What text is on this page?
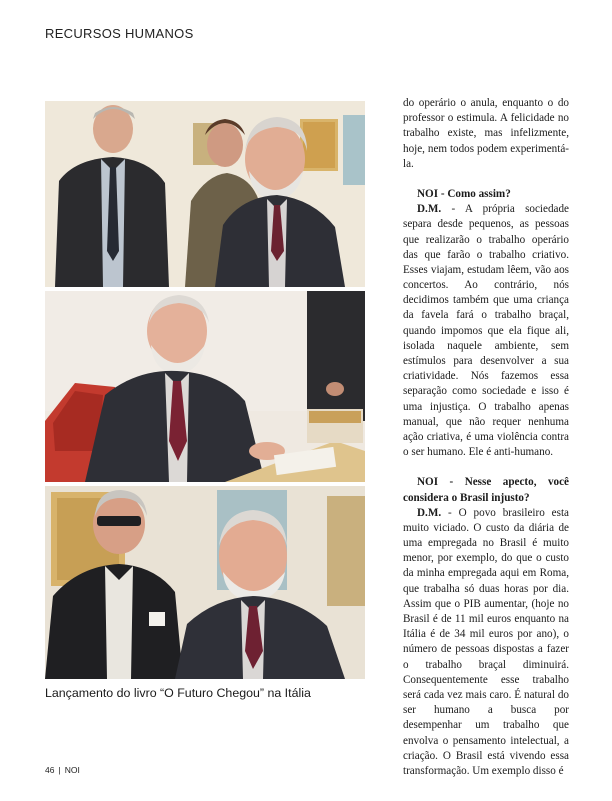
RECURSOS HUMANOS
Lançamento do livro “O Futuro Chegou” na Itália

do operário o anula, enquanto o do professor o estimula. A felicidade no trabalho existe, mas infelizmente, hoje, nem todos podem experimentá-la.

NOI - Como assim?

D.M. - A própria sociedade separa desde pequenos, as pessoas que realizarão o trabalho operário das que farão o trabalho criativo. Esses viajam, estudam lêem, vão aos concertos. Ao contrário, nós decidimos também que uma criança da favela fará o trabalho braçal, quando impomos que ela fique ali, isolada naquele ambiente, sem estímulos para desenvolver a sua criatividade. Nós fazemos essa separação como sociedade e isso é uma injustiça. O trabalho apenas manual, que não requer nenhuma ação criativa, é uma violência contra o ser humano. Ele é anti-humano.

NOI - Nesse apecto, você considera o Brasil injusto?

D.M. - O povo brasileiro esta muito viciado. O custo da diária de uma empregada no Brasil é muito menor, por exemplo, do que o custo da minha empregada aqui em Roma, que trabalha só duas horas por dia. Assim que o PIB aumentar, (hoje no Brasil é de 11 mil euros enquanto na Itália é de 34 mil euros por ano), o número de pessoas dispostas a fazer o trabalho braçal diminuirá. Consequentemente esse trabalho será cada vez mais caro. É natural do ser humano a busca por desempenhar um trabalho que envolva o pensamento intelectual, a criação. O Brasil está vivendo essa transformação. Um exemplo disso é

46 | NOI
